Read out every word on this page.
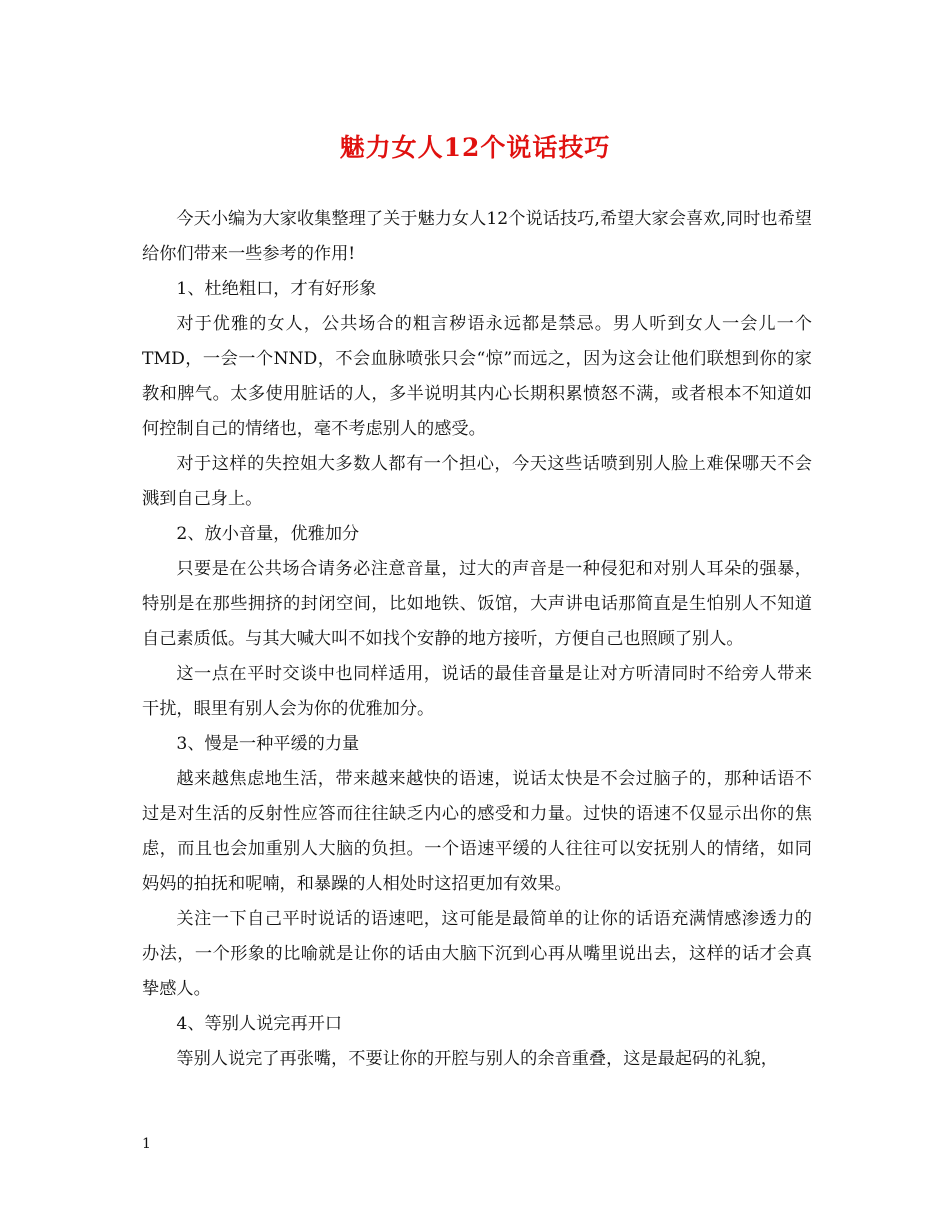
魅力女人12个说话技巧

今天小编为大家收集整理了关于魅力女人12个说话技巧,希望大家会喜欢,同时也希望给你们带来一些参考的作用!

1、杜绝粗口，才有好形象

对于优雅的女人，公共场合的粗言秽语永远都是禁忌。男人听到女人一会儿一个TMD，一会一个NND，不会血脉喷张只会“惊”而远之，因为这会让他们联想到你的家教和脾气。太多使用脏话的人，多半说明其内心长期积累愤怒不满，或者根本不知道如何控制自己的情绪也，毫不考虑别人的感受。

对于这样的失控姐大多数人都有一个担心，今天这些话喷到别人脸上难保哪天不会溅到自己身上。

2、放小音量，优雅加分

只要是在公共场合请务必注意音量，过大的声音是一种侵犯和对别人耳朵的强暴，特别是在那些拥挤的封闭空间，比如地铁、饭馆，大声讲电话那简直是生怕别人不知道自己素质低。与其大喊大叫不如找个安静的地方接听，方便自己也照顾了别人。

这一点在平时交谈中也同样适用，说话的最佳音量是让对方听清同时不给旁人带来干扰，眼里有别人会为你的优雅加分。

3、慢是一种平缓的力量

越来越焦虑地生活，带来越来越快的语速，说话太快是不会过脑子的，那种话语不过是对生活的反射性应答而往往缺乏内心的感受和力量。过快的语速不仅显示出你的焦虑，而且也会加重别人大脑的负担。一个语速平缓的人往往可以安抚别人的情绪，如同妈妈的拍抚和呢喃，和暴躁的人相处时这招更加有效果。

关注一下自己平时说话的语速吧，这可能是最简单的让你的话语充满情感渗透力的办法，一个形象的比喻就是让你的话由大脑下沉到心再从嘴里说出去，这样的话才会真挚感人。

4、等别人说完再开口

等别人说完了再张嘴，不要让你的开腔与别人的余音重叠，这是最起码的礼貌，

1
